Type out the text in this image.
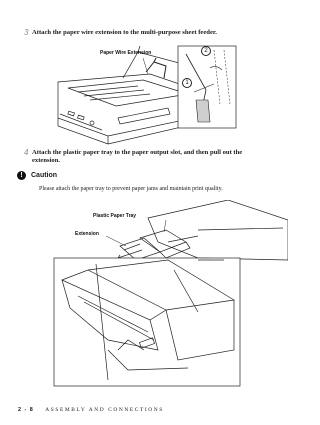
3 Attach the paper wire extension to the multi-purpose sheet feeder.
Paper Wire Extension	2
1
4 Attach the plastic paper tray to the paper output slot, and then pull out the extension.
!	Caution
Please attach the paper tray to prevent paper jams and maintain print quality.
Plastic Paper Tray
Extension
2 - 8 ASSEMBLY AND CONNECTIONS
